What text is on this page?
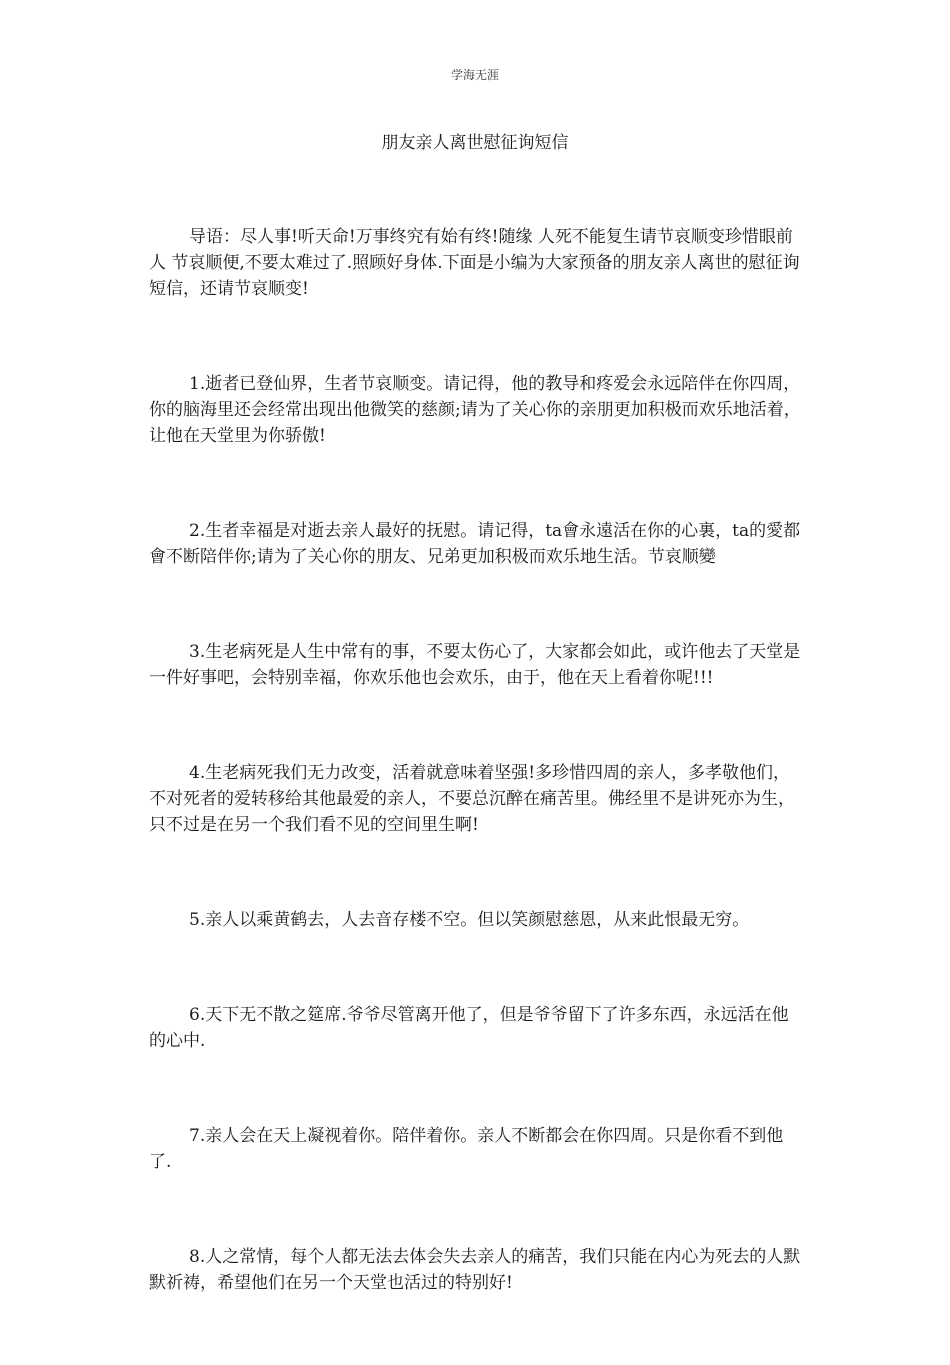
学海无涯
朋友亲人离世慰征询短信

导语：尽人事!听天命!万事终究有始有终!随缘 人死不能复生请节哀顺变珍惜眼前人 节哀顺便,不要太难过了.照顾好身体.下面是小编为大家预备的朋友亲人离世的慰征询短信，还请节哀顺变!

1.逝者已登仙界，生者节哀顺变。请记得，他的教导和疼爱会永远陪伴在你四周，你的脑海里还会经常出现出他微笑的慈颜;请为了关心你的亲朋更加积极而欢乐地活着，让他在天堂里为你骄傲!

2.生者幸福是对逝去亲人最好的抚慰。请记得，ta會永遠活在你的心裏，ta的愛都會不断陪伴你;请为了关心你的朋友、兄弟更加积极而欢乐地生活。节哀顺變

3.生老病死是人生中常有的事，不要太伤心了，大家都会如此，或许他去了天堂是一件好事吧，会特别幸福，你欢乐他也会欢乐，由于，他在天上看着你呢!!!

4.生老病死我们无力改变，活着就意味着坚强!多珍惜四周的亲人，多孝敬他们，不对死者的爱转移给其他最爱的亲人，不要总沉醉在痛苦里。佛经里不是讲死亦为生，只不过是在另一个我们看不见的空间里生啊!

5.亲人以乘黄鹤去，人去音存楼不空。但以笑颜慰慈恩，从来此恨最无穷。

6.天下无不散之筵席.爷爷尽管离开他了，但是爷爷留下了许多东西，永远活在他的心中.

7.亲人会在天上凝视着你。陪伴着你。亲人不断都会在你四周。只是你看不到他了.

8.人之常情，每个人都无法去体会失去亲人的痛苦，我们只能在内心为死去的人默默祈祷，希望他们在另一个天堂也活过的特别好!
